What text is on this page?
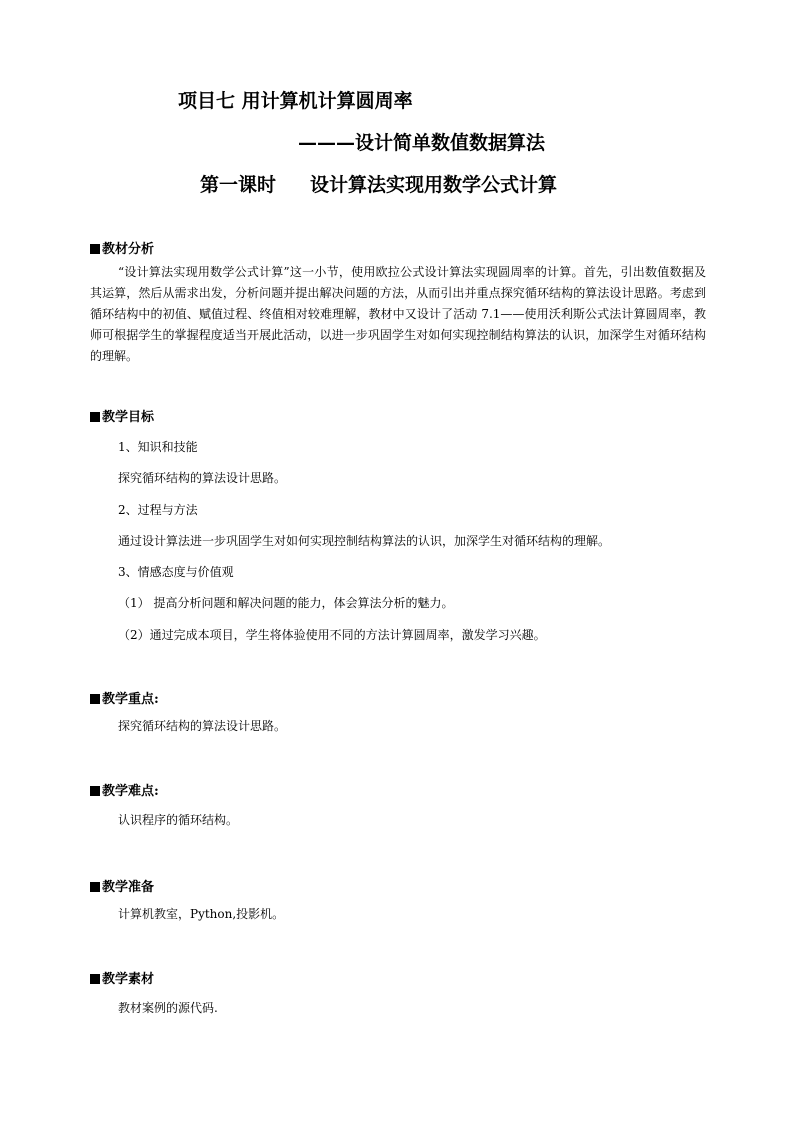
项目七 用计算机计算圆周率
———设计简单数值数据算法
第一课时 设计算法实现用数学公式计算
教材分析
“设计算法实现用数学公式计算”这一小节，使用欧拉公式设计算法实现圆周率的计算。首先，引出数值数据及其运算，然后从需求出发，分析问题并提出解决问题的方法，从而引出并重点探究循环结构的算法设计思路。考虑到循环结构中的初值、赋值过程、终值相对较难理解，教材中又设计了活动 7.1——使用沃利斯公式法计算圆周率，教师可根据学生的掌握程度适当开展此活动，以进一步巩固学生对如何实现控制结构算法的认识，加深学生对循环结构的理解。
教学目标
1、知识和技能
探究循环结构的算法设计思路。
2、过程与方法
通过设计算法进一步巩固学生对如何实现控制结构算法的认识，加深学生对循环结构的理解。
3、情感态度与价值观
（1） 提高分析问题和解决问题的能力，体会算法分析的魅力。
（2）通过完成本项目，学生将体验使用不同的方法计算圆周率，激发学习兴趣。
教学重点:
探究循环结构的算法设计思路。
教学难点:
认识程序的循环结构。
教学准备
计算机教室，Python,投影机。
教学素材
教材案例的源代码.
